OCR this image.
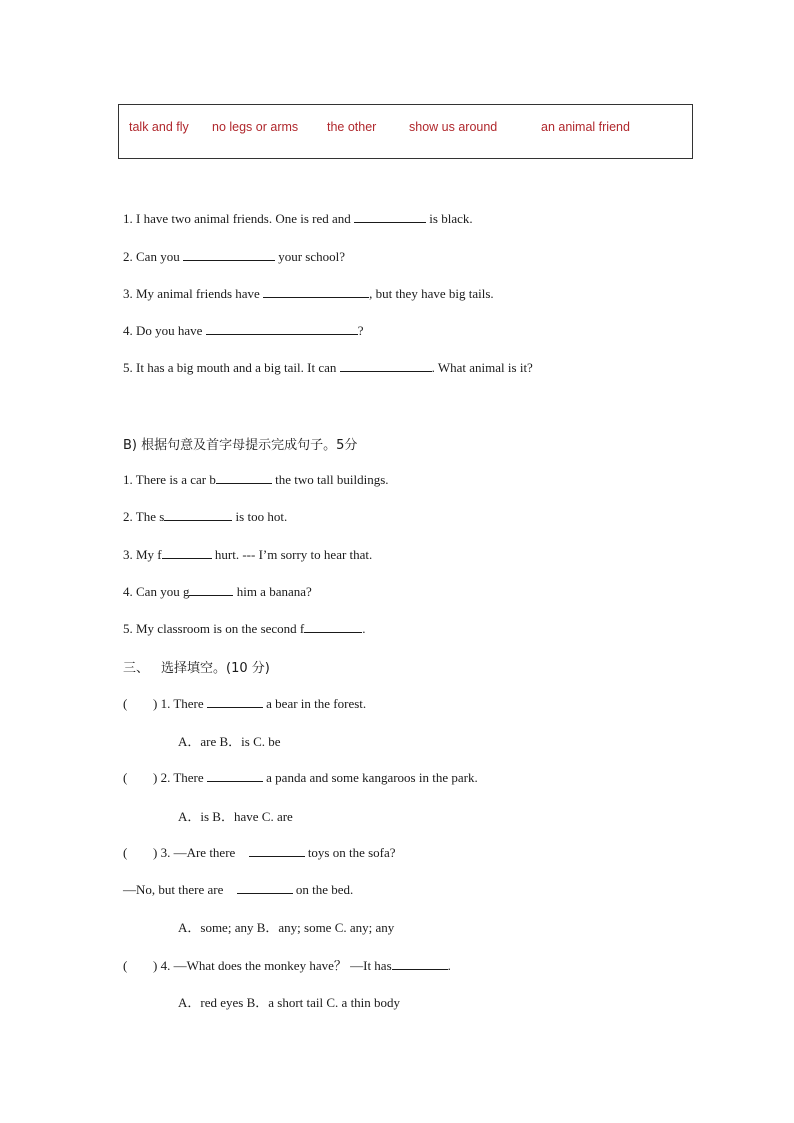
talk and fly no legs or arms the other	show us around	an animal friend
1. I have two animal friends. One is red and	is black.
2. Can you	your school?
3. My animal friends have	, but they have big tails.
4. Do you have	?
5. It has a big mouth and a big tail. It can	. What animal is it?
B) 根据句意及首字母提示完成句子。5分
1. There is a car b	the two tall buildings.
2. The s	is too hot.
3. My f	hurt. --- I’m sorry to hear that.
4. Can you g	him a banana?
5. My classroom is on the second f	.
三、 选择填空。(10 分)
( ) 1. There	a bear in the forest.
A．are B．is C. be
( ) 2. There	a panda and some kangaroos in the park.
A．is B．have C. are
( ) 3. —Are there	toys on the sofa?
—No, but there are	on the bed.
A．some; any B．any; some C. any; any
( ) 4. —What does the monkey have？ —It has	.
A．red eyes B．a short tail C. a thin body
